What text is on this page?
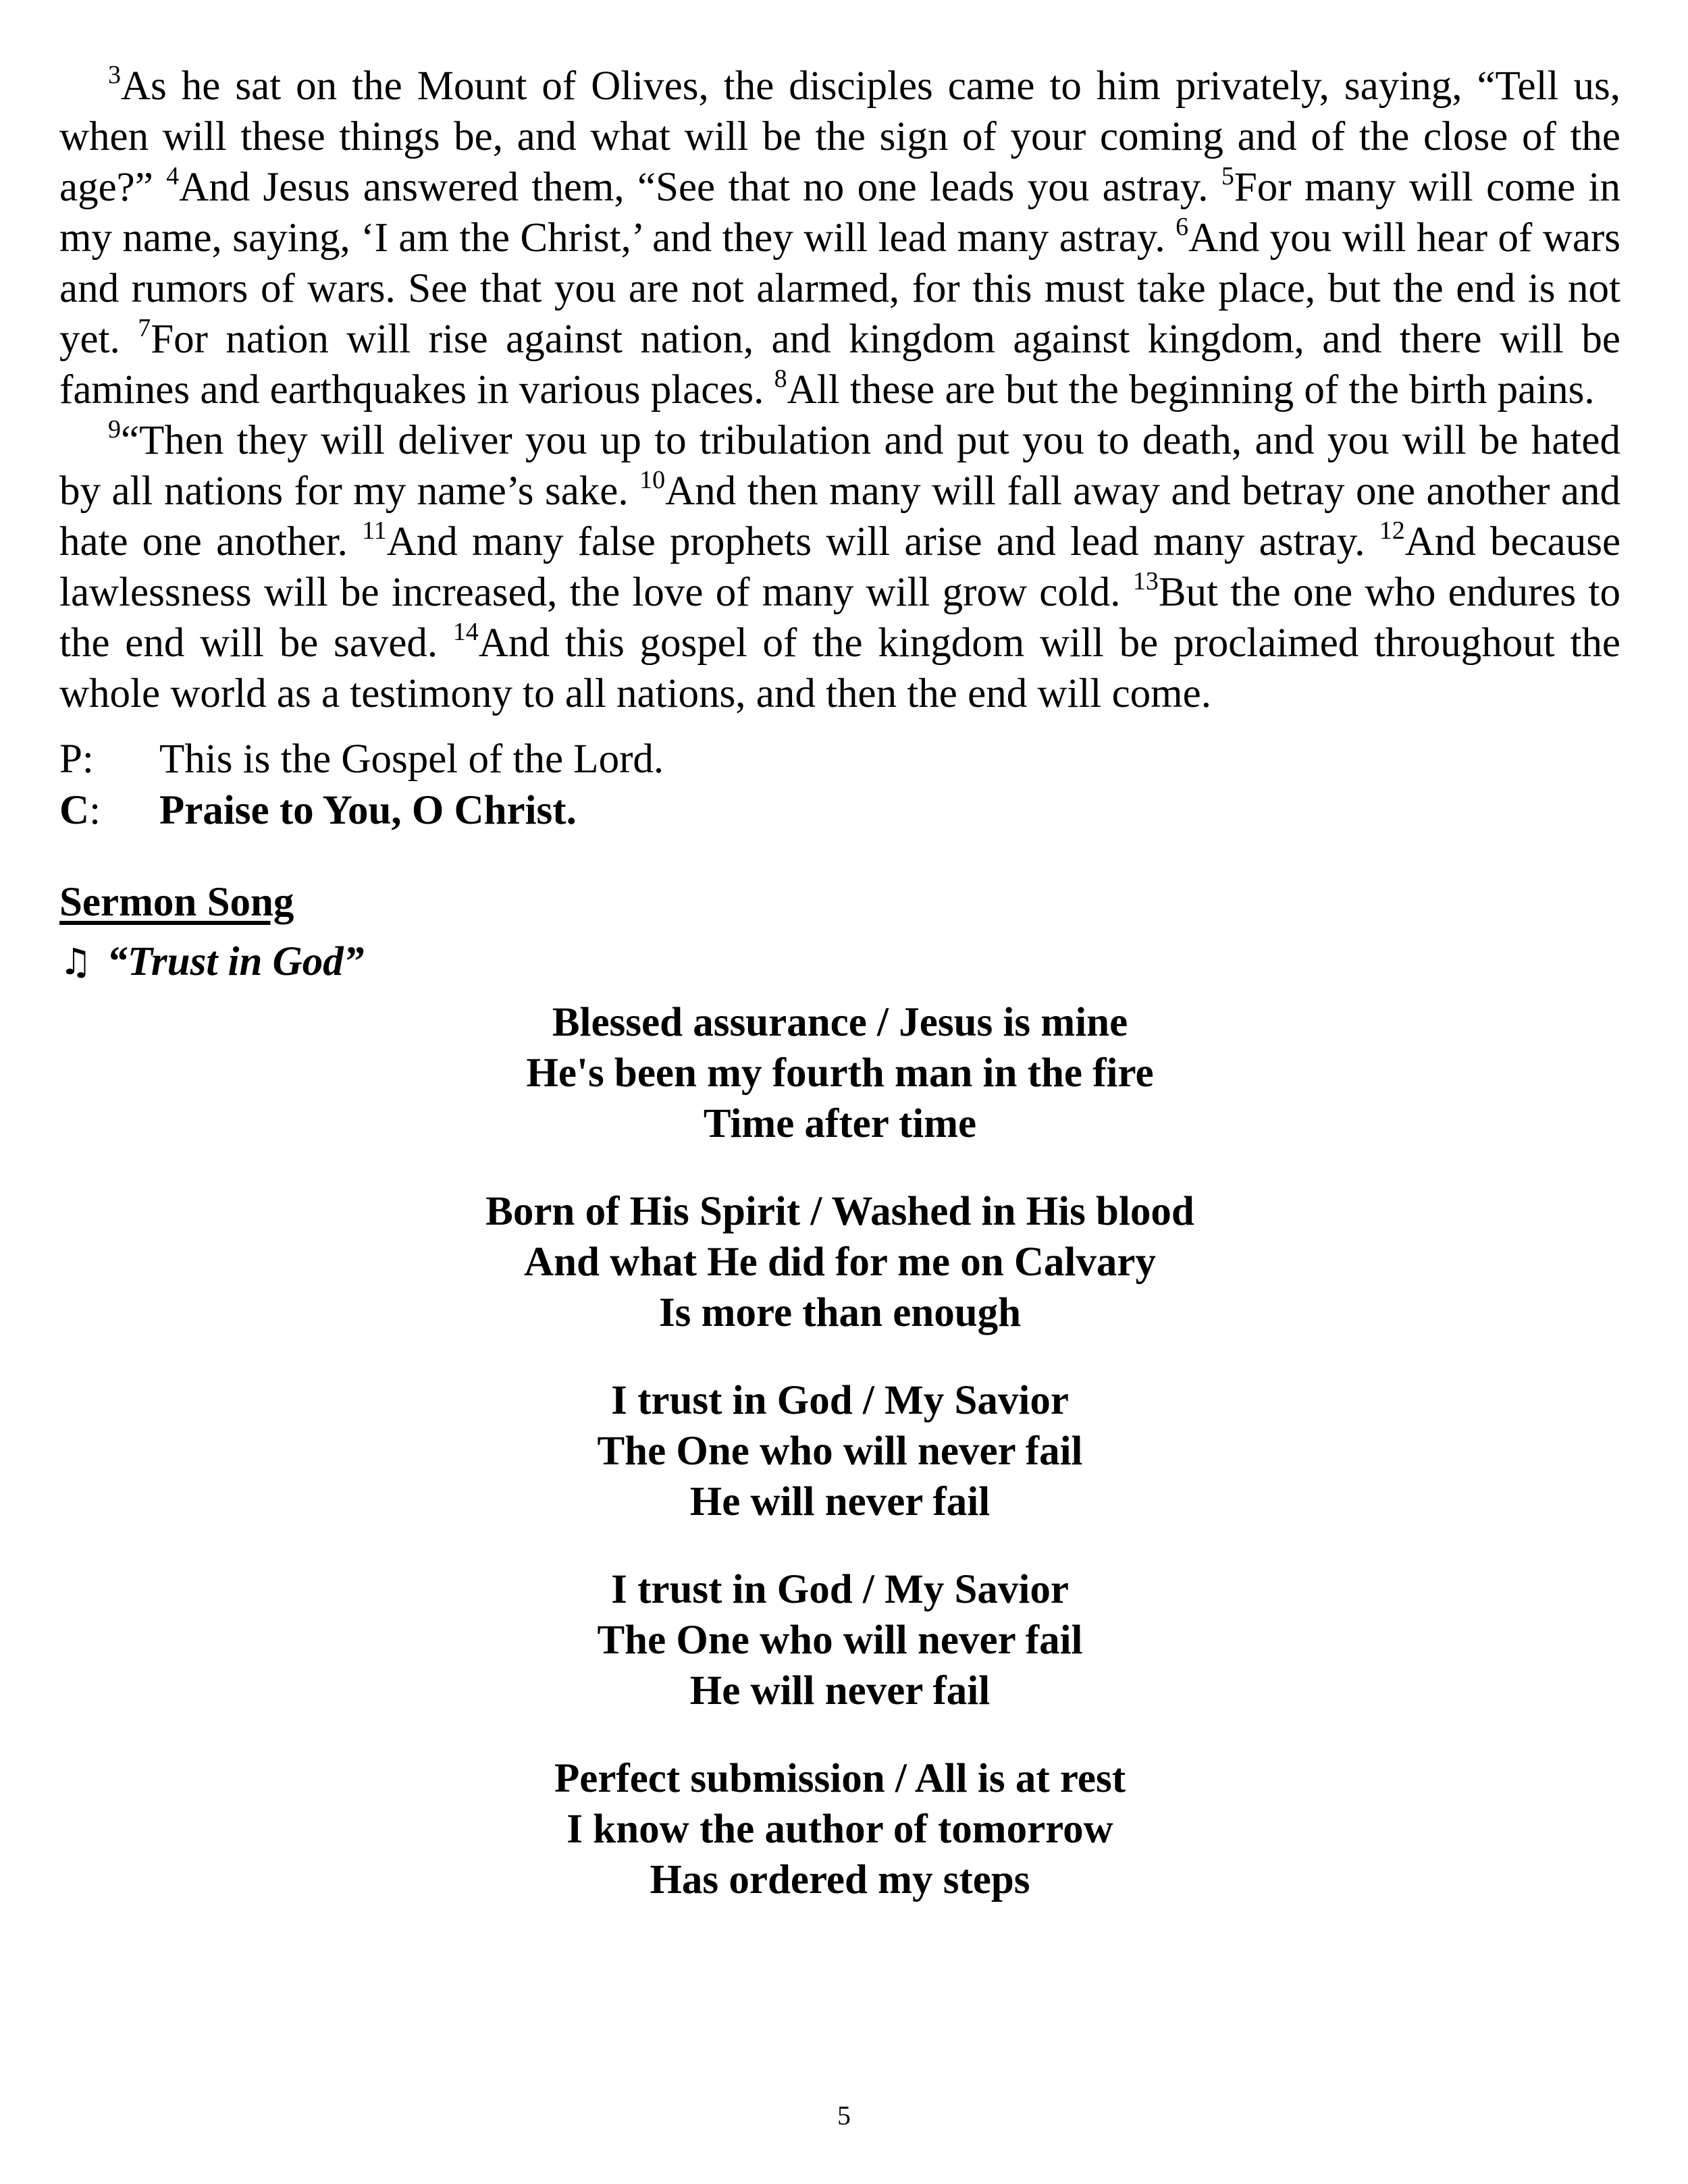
$^3$As he sat on the Mount of Olives, the disciples came to him privately, saying, “Tell us, when will these things be, and what will be the sign of your coming and of the close of the age?” $^4$And Jesus answered them, “See that no one leads you astray. $^5$For many will come in my name, saying, ‘I am the Christ,’ and they will lead many astray. $^6$And you will hear of wars and rumors of wars. See that you are not alarmed, for this must take place, but the end is not yet. $^7$For nation will rise against nation, and kingdom against kingdom, and there will be famines and earthquakes in various places. $^8$All these are but the beginning of the birth pains.

$^9$“Then they will deliver you up to tribulation and put you to death, and you will be hated by all nations for my name’s sake. $^{10}$And then many will fall away and betray one another and hate one another. $^{11}$And many false prophets will arise and lead many astray. $^{12}$And because lawlessness will be increased, the love of many will grow cold. $^{13}$But the one who endures to the end will be saved. $^{14}$And this gospel of the kingdom will be proclaimed throughout the whole world as a testimony to all nations, and then the end will come.

P:	This is the Gospel of the Lord.
C:	Praise to You, O Christ.
Sermon Song
♫ “Trust in God”
Blessed assurance / Jesus is mine
He's been my fourth man in the fire
Time after time
Born of His Spirit / Washed in His blood
And what He did for me on Calvary
Is more than enough
I trust in God / My Savior
The One who will never fail
He will never fail
I trust in God / My Savior
The One who will never fail
He will never fail
Perfect submission / All is at rest
I know the author of tomorrow
Has ordered my steps
5
